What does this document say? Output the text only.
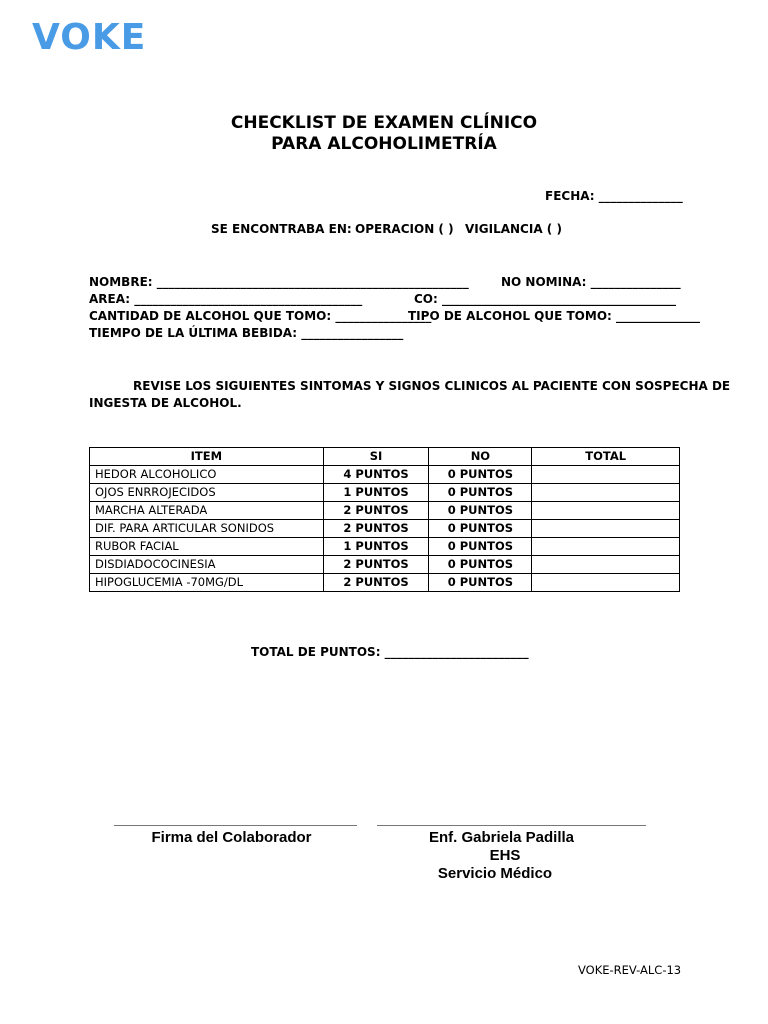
VOKE
CHECKLIST DE EXAMEN CLÍNICO
PARA ALCOHOLIMETRÍA
FECHA: ______________
SE ENCONTRABA EN: OPERACION ( ) VIGILANCIA ( )
NOMBRE: ____________________________________________________	NO NOMINA: _______________
AREA: ______________________________________	CO: _______________________________________
CANTIDAD DE ALCOHOL QUE TOMO: ________________
TIPO DE ALCOHOL QUE TOMO: ______________
TIEMPO DE LA ÚLTIMA BEBIDA: _________________
REVISE LOS SIGUIENTES SINTOMAS Y SIGNOS CLINICOS AL PACIENTE CON SOSPECHA DE
INGESTA DE ALCOHOL.
ITEM	SI	NO	TOTAL
HEDOR ALCOHOLICO	4 PUNTOS	0 PUNTOS	
OJOS ENRROJECIDOS	1 PUNTOS	0 PUNTOS	
MARCHA ALTERADA	2 PUNTOS	0 PUNTOS	
DIF. PARA ARTICULAR SONIDOS	2 PUNTOS	0 PUNTOS	
RUBOR FACIAL	1 PUNTOS	0 PUNTOS	
DISDIADOCOCINESIA	2 PUNTOS	0 PUNTOS	
HIPOGLUCEMIA -70MG/DL	2 PUNTOS	0 PUNTOS	
TOTAL DE PUNTOS: ________________________
Firma del Colaborador	Enf. Gabriela Padilla
EHS
Servicio Médico
VOKE-REV-ALC-13
